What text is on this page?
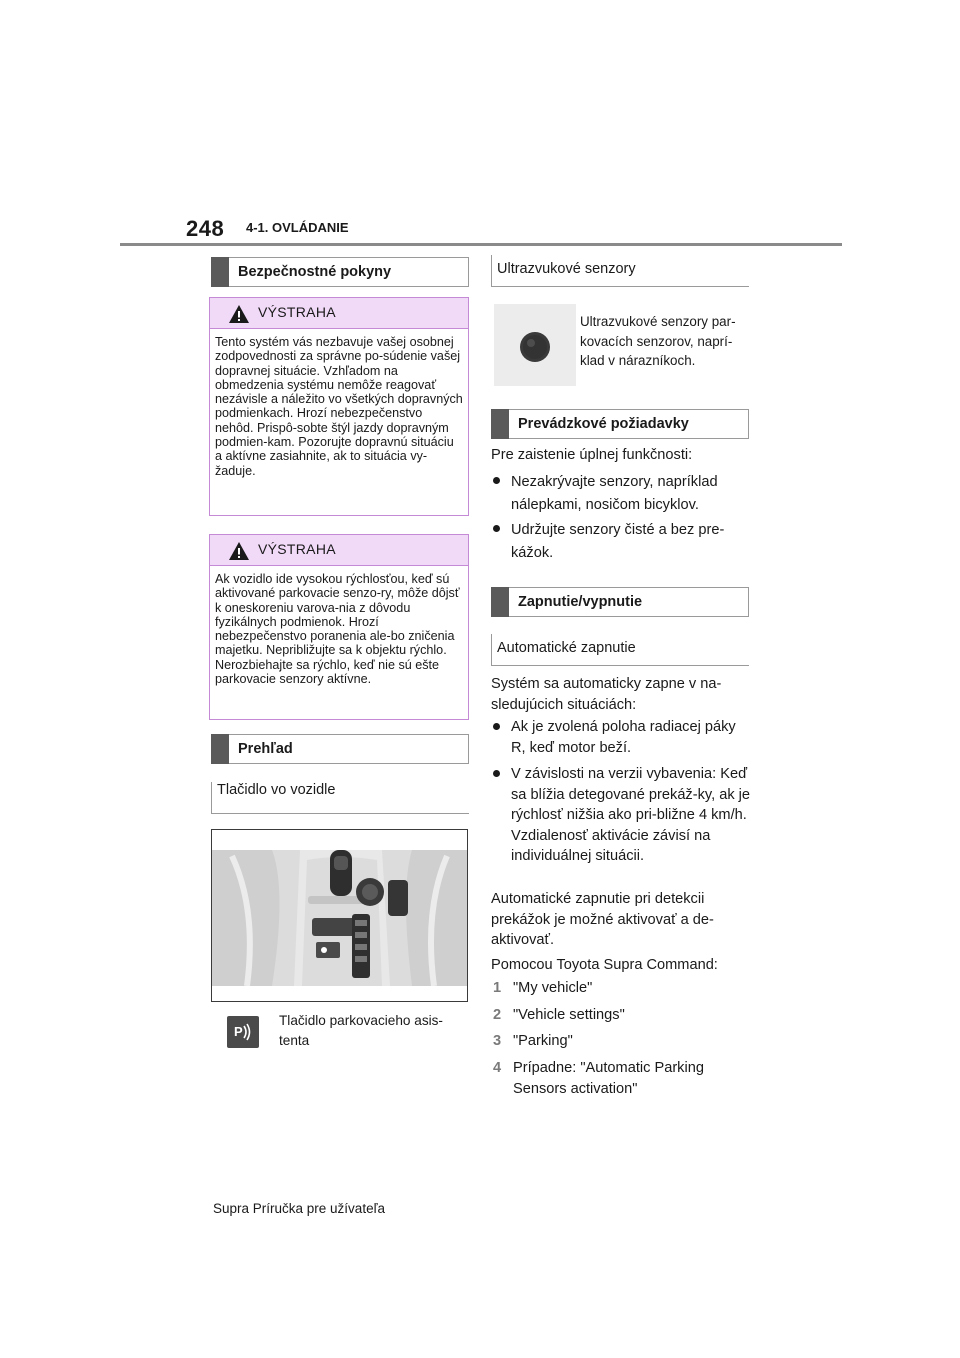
248 4-1. OVLÁDANIE
Bezpečnostné pokyny
VÝSTRAHA
Tento systém vás nezbavuje vašej osobnej zodpovednosti za správne po-súdenie vašej dopravnej situácie. Vzhľadom na obmedzenia systému nemôže reagovať nezávisle a náležito vo všetkých dopravných podmienkach. Hrozí nebezpečenstvo nehôd. Prispô-sobte štýl jazdy dopravným podmien-kam. Pozorujte dopravnú situáciu a aktívne zasiahnite, ak to situácia vy-žaduje.
VÝSTRAHA
Ak vozidlo ide vysokou rýchlosťou, keď sú aktivované parkovacie senzo-ry, môže dôjsť k oneskoreniu varova-nia z dôvodu fyzikálnych podmienok. Hrozí nebezpečenstvo poranenia ale-bo zničenia majetku. Nepribližujte sa k objektu rýchlo. Nerozbiehajte sa rýchlo, keď nie sú ešte parkovacie senzory aktívne.
Prehľad
Tlačidlo vo vozidle
P
Tlačidlo parkovacieho asis-tenta
Ultrazvukové senzory
Ultrazvukové senzory par-kovacích senzorov, naprí-klad v nárazníkoch.
Prevádzkové požiadavky
Pre zaistenie úplnej funkčnosti:
Nezakrývajte senzory, napríklad nálepkami, nosičom bicyklov.
Udržujte senzory čisté a bez pre-kážok.
Zapnutie/vypnutie
Automatické zapnutie
Systém sa automaticky zapne v na-sledujúcich situáciách:
Ak je zvolená poloha radiacej páky R, keď motor beží.
V závislosti na verzii vybavenia: Keď sa blížia detegované prekáž-ky, ak je rýchlosť nižšia ako pri-bližne 4 km/h. Vzdialenosť aktivácie závisí na individuálnej situácii.
Automatické zapnutie pri detekcii prekážok je možné aktivovať a de-aktivovať.
Pomocou Toyota Supra Command:
1 "My vehicle"
2 "Vehicle settings"
3 "Parking"
4 Prípadne: "Automatic Parking Sensors activation"
Supra Príručka pre užívateľa
